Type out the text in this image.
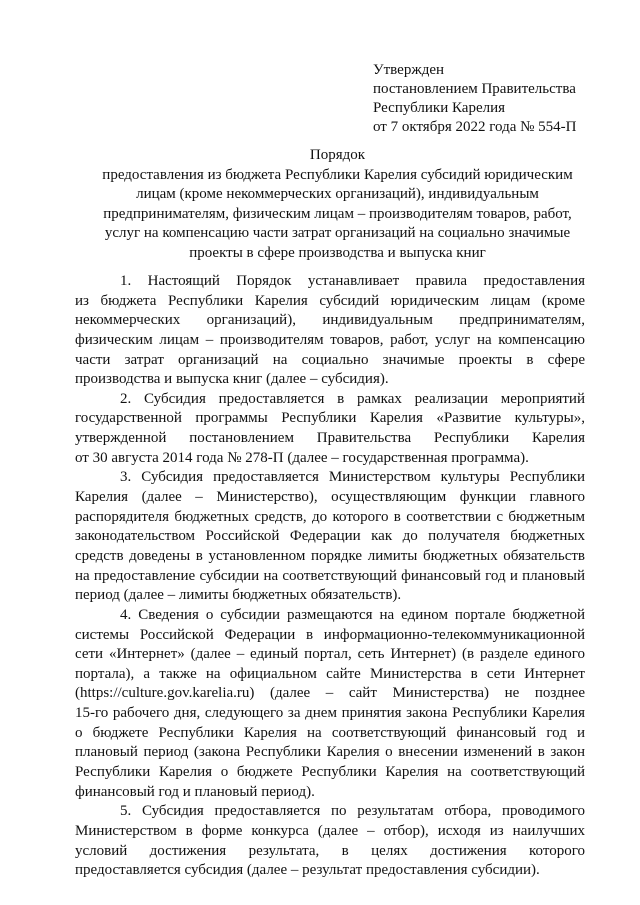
Утвержден
постановлением Правительства
Республики Карелия
от 7 октября 2022 года № 554-П
Порядок
предоставления из бюджета Республики Карелия субсидий юридическим
лицам (кроме некоммерческих организаций), индивидуальным
предпринимателям, физическим лицам – производителям товаров, работ,
услуг на компенсацию части затрат организаций на социально значимые
проекты в сфере производства и выпуска книг
1. Настоящий Порядок устанавливает правила предоставления
из бюджета Республики Карелия субсидий юридическим лицам (кроме
некоммерческих организаций), индивидуальным предпринимателям,
физическим лицам – производителям товаров, работ, услуг на компенсацию
части затрат организаций на социально значимые проекты в сфере
производства и выпуска книг (далее – субсидия).
2. Субсидия предоставляется в рамках реализации мероприятий
государственной программы Республики Карелия «Развитие культуры»,
утвержденной постановлением Правительства Республики Карелия
от 30 августа 2014 года № 278-П (далее – государственная программа).
3. Субсидия предоставляется Министерством культуры Республики
Карелия (далее – Министерство), осуществляющим функции главного
распорядителя бюджетных средств, до которого в соответствии с бюджетным
законодательством Российской Федерации как до получателя бюджетных
средств доведены в установленном порядке лимиты бюджетных обязательств
на предоставление субсидии на соответствующий финансовый год и плановый
период (далее – лимиты бюджетных обязательств).
4. Сведения о субсидии размещаются на едином портале бюджетной
системы Российской Федерации в информационно-телекоммуникационной
сети «Интернет» (далее – единый портал, сеть Интернет) (в разделе единого
портала), а также на официальном сайте Министерства в сети Интернет
(https://culture.gov.karelia.ru) (далее – сайт Министерства) не позднее
15-го рабочего дня, следующего за днем принятия закона Республики Карелия
о бюджете Республики Карелия на соответствующий финансовый год и
плановый период (закона Республики Карелия о внесении изменений в закон
Республики Карелия о бюджете Республики Карелия на соответствующий
финансовый год и плановый период).
5. Субсидия предоставляется по результатам отбора, проводимого
Министерством в форме конкурса (далее – отбор), исходя из наилучших
условий достижения результата, в целях достижения которого
предоставляется субсидия (далее – результат предоставления субсидии).
